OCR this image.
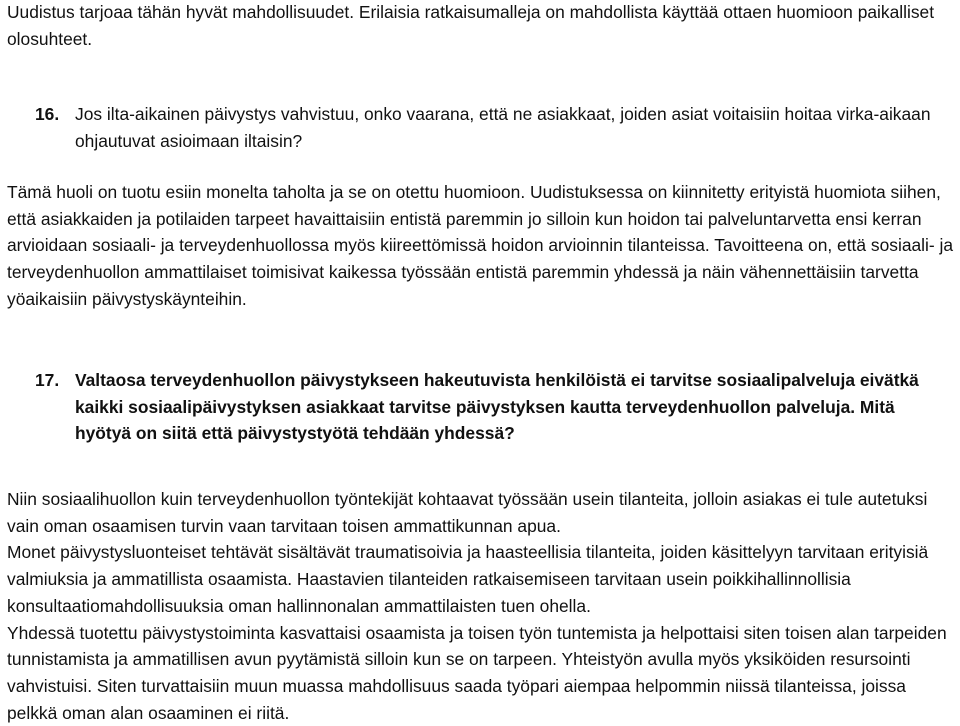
Uudistus tarjoaa tähän hyvät mahdollisuudet. Erilaisia ratkaisumalleja on mahdollista käyttää ottaen huomioon paikalliset olosuhteet.

16. Jos ilta-aikainen päivystys vahvistuu, onko vaarana, että ne asiakkaat, joiden asiat voitaisiin hoitaa virka-aikaan ohjautuvat asioimaan iltaisin?

Tämä huoli on tuotu esiin monelta taholta ja se on otettu huomioon. Uudistuksessa on kiinnitetty erityistä huomiota siihen, että asiakkaiden ja potilaiden tarpeet havaittaisiin entistä paremmin jo silloin kun hoidon tai palveluntarvetta ensi kerran arvioidaan sosiaali- ja terveydenhuollossa myös kiireettömissä hoidon arvioinnin tilanteissa. Tavoitteena on, että sosiaali- ja terveydenhuollon ammattilaiset toimisivat kaikessa työssään entistä paremmin yhdessä ja näin vähennettäisiin tarvetta yöaikaisiin päivystyskäynteihin.

17. Valtaosa terveydenhuollon päivystykseen hakeutuvista henkilöistä ei tarvitse sosiaalipalveluja eivätkä kaikki sosiaalipäivystyksen asiakkaat tarvitse päivystyksen kautta terveydenhuollon palveluja. Mitä hyötyä on siitä että päivystystyötä tehdään yhdessä?

Niin sosiaalihuollon kuin terveydenhuollon työntekijät kohtaavat työssään usein tilanteita, jolloin asiakas ei tule autetuksi vain oman osaamisen turvin vaan tarvitaan toisen ammattikunnan apua.

Monet päivystysluonteiset tehtävät sisältävät traumatisoivia ja haasteellisia tilanteita, joiden käsittelyyn tarvitaan erityisiä valmiuksia ja ammatillista osaamista. Haastavien tilanteiden ratkaisemiseen tarvitaan usein poikkihallinnollisia konsultaatiomahdollisuuksia oman hallinnonalan ammattilaisten tuen ohella.

Yhdessä tuotettu päivystystoiminta kasvattaisi osaamista ja toisen työn tuntemista ja helpottaisi siten toisen alan tarpeiden tunnistamista ja ammatillisen avun pyytämistä silloin kun se on tarpeen. Yhteistyön avulla myös yksiköiden resursointi vahvistuisi. Siten turvattaisiin muun muassa mahdollisuus saada työpari aiempaa helpommin niissä tilanteissa, joissa pelkkä oman alan osaaminen ei riitä.
